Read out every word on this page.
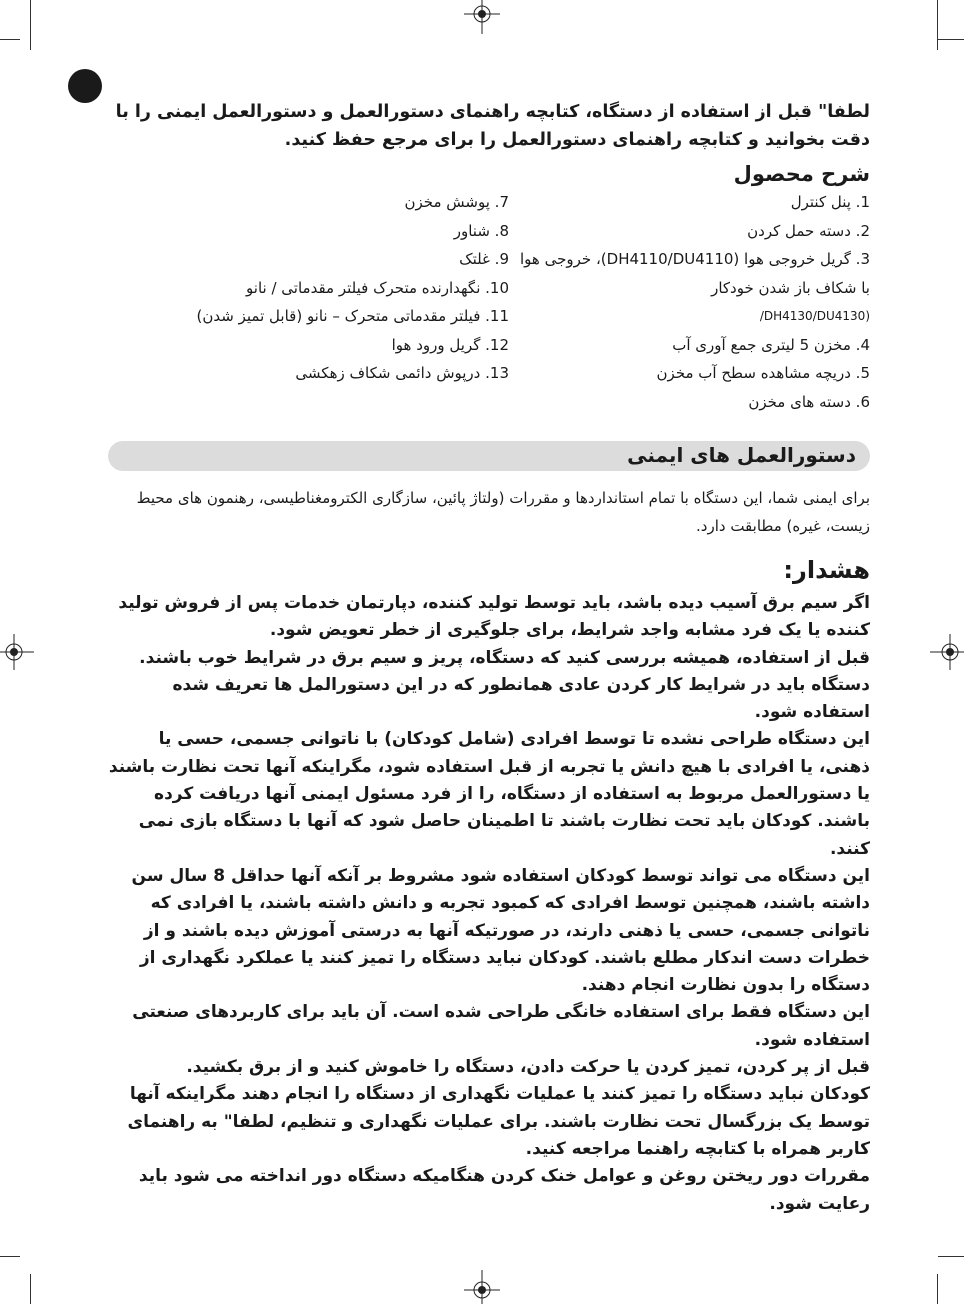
لطفا" قبل از استفاده از دستگاه، کتابچه راهنمای دستورالعمل و دستورالعمل ایمنی را با دقت بخوانید و کتابچه راهنمای دستورالعمل را برای مرجع حفظ کنید.
شرح محصول
1. پنل کنترل
2. دسته حمل کردن
3. گریل خروجی هوا (DH4110/DU4110)، خروجی هوا
با شکاف باز شدن خودکار
(DH4130/DU4130/
4. مخزن 5 لیتری جمع آوری آب
5. دریچه مشاهده سطح آب مخزن
6. دسته های مخزن
7. پوشش مخزن
8. شناور
9. غلتک
10. نگهدارنده متحرک فیلتر مقدماتی / نانو
11. فیلتر مقدماتی متحرک – نانو (قابل تمیز شدن)
12. گریل ورود هوا
13. درپوش دائمی شکاف زهکشی
دستورالعمل های ایمنی
برای ایمنی شما، این دستگاه با تمام استانداردها و مقررات (ولتاژ پائین، سازگاری الکترومغناطیسی، رهنمون های محیط زیست، غیره) مطابقت دارد.
هشدار:

اگر سیم برق آسیب دیده باشد، باید توسط تولید کننده، دپارتمان خدمات پس از فروش تولید کننده یا یک فرد مشابه واجد شرایط، برای جلوگیری از خطر تعویض شود.

قبل از استفاده، همیشه بررسی کنید که دستگاه، پریز و سیم برق در شرایط خوب باشند.

دستگاه باید در شرایط کار کردن عادی همانطور که در این دستورالمل ها تعریف شده استفاده شود.

این دستگاه طراحی نشده تا توسط افرادی (شامل کودکان) با ناتوانی جسمی، حسی یا ذهنی، یا افرادی با هیچ دانش یا تجربه از قبل استفاده شود، مگراینکه آنها تحت نظارت باشند یا دستورالعمل مربوط به استفاده از دستگاه، را از فرد مسئول ایمنی آنها دریافت کرده باشند. کودکان باید تحت نظارت باشند تا اطمینان حاصل شود که آنها با دستگاه بازی نمی کنند.

این دستگاه می تواند توسط کودکان استفاده شود مشروط بر آنکه آنها حداقل 8 سال سن داشته باشند، همچنین توسط افرادی که کمبود تجربه و دانش داشته باشند، یا افرادی که ناتوانی جسمی، حسی یا ذهنی دارند، در صورتیکه آنها به درستی آموزش دیده باشند و از خطرات دست اندکار مطلع باشند. کودکان نباید دستگاه را تمیز کنند یا عملکرد نگهداری از دستگاه را بدون نظارت انجام دهند.

این دستگاه فقط برای استفاده خانگی طراحی شده است. آن باید برای کاربردهای صنعتی استفاده شود.

قبل از پر کردن، تمیز کردن یا حرکت دادن، دستگاه را خاموش کنید و از برق بکشید.

کودکان نباید دستگاه را تمیز کنند یا عملیات نگهداری از دستگاه را انجام دهند مگراینکه آنها توسط یک بزرگسال تحت نظارت باشند. برای عملیات نگهداری و تنظیم، لطفا" به راهنمای کاربر همراه با کتابچه راهنما مراجعه کنید.

مقررات دور ریختن روغن و عوامل خنک کردن هنگامیکه دستگاه دور انداخته می شود باید رعایت شود.
